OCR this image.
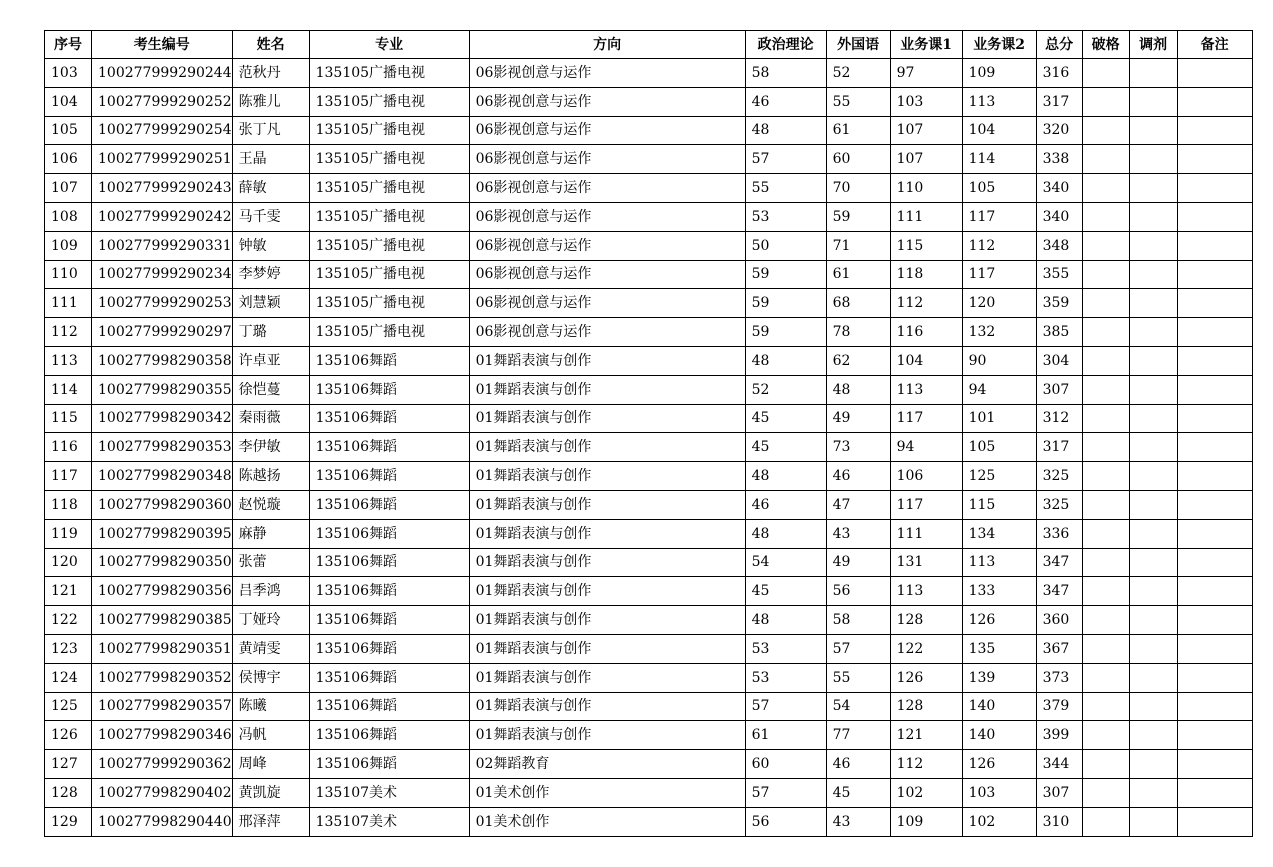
序号	考生编号	姓名	专业	方向	政治理论	外国语	业务课1	业务课2	总分	破格	调剂	备注
103	100277999290244	范秋丹	135105广播电视	06影视创意与运作	58	52	97	109	316			
104	100277999290252	陈雅儿	135105广播电视	06影视创意与运作	46	55	103	113	317			
105	100277999290254	张丁凡	135105广播电视	06影视创意与运作	48	61	107	104	320			
106	100277999290251	王晶	135105广播电视	06影视创意与运作	57	60	107	114	338			
107	100277999290243	薛敏	135105广播电视	06影视创意与运作	55	70	110	105	340			
108	100277999290242	马千雯	135105广播电视	06影视创意与运作	53	59	111	117	340			
109	100277999290331	钟敏	135105广播电视	06影视创意与运作	50	71	115	112	348			
110	100277999290234	李梦婷	135105广播电视	06影视创意与运作	59	61	118	117	355			
111	100277999290253	刘慧颖	135105广播电视	06影视创意与运作	59	68	112	120	359			
112	100277999290297	丁璐	135105广播电视	06影视创意与运作	59	78	116	132	385			
113	100277998290358	许卓亚	135106舞蹈	01舞蹈表演与创作	48	62	104	90	304			
114	100277998290355	徐恺蔓	135106舞蹈	01舞蹈表演与创作	52	48	113	94	307			
115	100277998290342	秦雨薇	135106舞蹈	01舞蹈表演与创作	45	49	117	101	312			
116	100277998290353	李伊敏	135106舞蹈	01舞蹈表演与创作	45	73	94	105	317			
117	100277998290348	陈越扬	135106舞蹈	01舞蹈表演与创作	48	46	106	125	325			
118	100277998290360	赵悦璇	135106舞蹈	01舞蹈表演与创作	46	47	117	115	325			
119	100277998290395	麻静	135106舞蹈	01舞蹈表演与创作	48	43	111	134	336			
120	100277998290350	张蕾	135106舞蹈	01舞蹈表演与创作	54	49	131	113	347			
121	100277998290356	吕季鸿	135106舞蹈	01舞蹈表演与创作	45	56	113	133	347			
122	100277998290385	丁娅玲	135106舞蹈	01舞蹈表演与创作	48	58	128	126	360			
123	100277998290351	黄靖雯	135106舞蹈	01舞蹈表演与创作	53	57	122	135	367			
124	100277998290352	侯博宇	135106舞蹈	01舞蹈表演与创作	53	55	126	139	373			
125	100277998290357	陈曦	135106舞蹈	01舞蹈表演与创作	57	54	128	140	379			
126	100277998290346	冯帆	135106舞蹈	01舞蹈表演与创作	61	77	121	140	399			
127	100277999290362	周峰	135106舞蹈	02舞蹈教育	60	46	112	126	344			
128	100277998290402	黄凯旋	135107美术	01美术创作	57	45	102	103	307			
129	100277998290440	邢泽萍	135107美术	01美术创作	56	43	109	102	310			
